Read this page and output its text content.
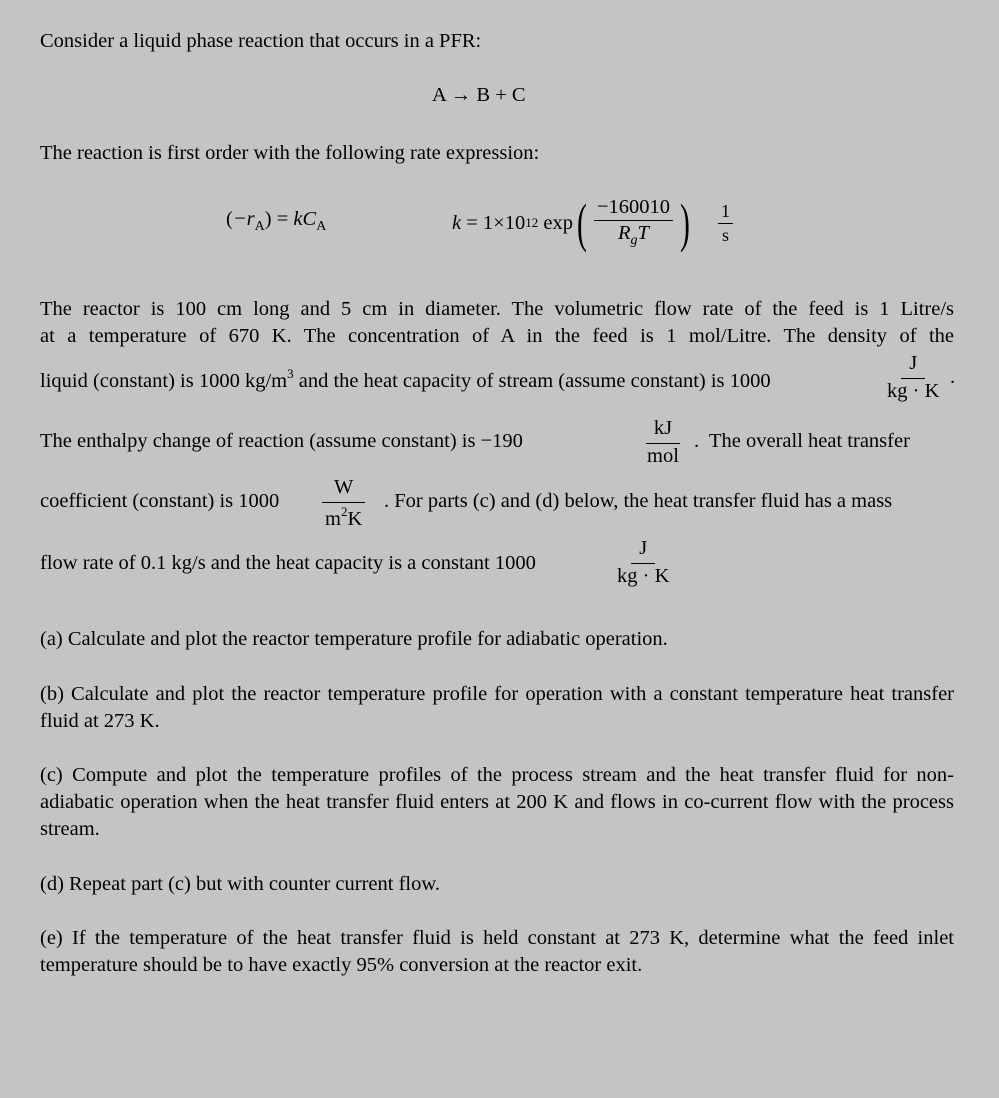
Consider a liquid phase reaction that occurs in a PFR:
A → B + C
The reaction is first order with the following rate expression:
$(-r_A) = kC_A$	k = 1×10 12 exp ( $\frac{-160010}{R_gT}$ ) $\frac{1}{s}$
The reactor is 100 cm long and 5 cm in diameter. The volumetric flow rate of the feed is 1 Litre/s
at a temperature of 670 K. The concentration of A in the feed is 1 mol/Litre. The density of the
liquid (constant) is 1000 $kg/m^3$ and the heat capacity of stream (assume constant) is 1000	$\frac{J}{kg \cdot K}$ .
The enthalpy change of reaction (assume constant) is −190	$\frac{kJ}{\text{mol}}$ .  The overall heat transfer
coefficient (constant) is $1000 \frac{W}{m^2K}$ . For parts (c) and (d) below, the heat transfer fluid has a mass
flow rate of 0.1 kg/s and the heat capacity is a constant 1000	$\frac{J}{kg \cdot K}$
(a) Calculate and plot the reactor temperature profile for adiabatic operation.
(b) Calculate and plot the reactor temperature profile for operation with a constant temperature heat transfer fluid at 273 K.
(c) Compute and plot the temperature profiles of the process stream and the heat transfer fluid for non-adiabatic operation when the heat transfer fluid enters at 200 K and flows in co-current flow with the process stream.
(d) Repeat part (c) but with counter current flow.
(e) If the temperature of the heat transfer fluid is held constant at 273 K, determine what the feed inlet temperature should be to have exactly 95% conversion at the reactor exit.
